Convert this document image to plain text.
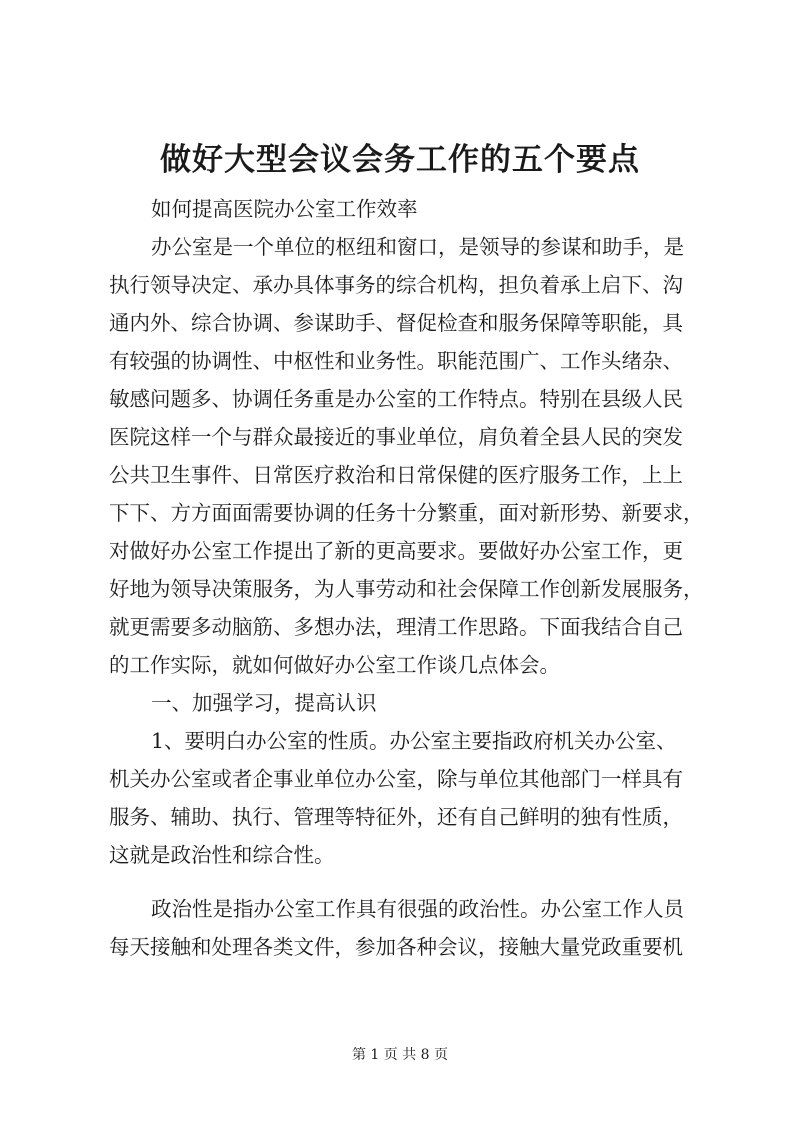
做好大型会议会务工作的五个要点
如何提高医院办公室工作效率
办公室是一个单位的枢纽和窗口，是领导的参谋和助手，是
执行领导决定、承办具体事务的综合机构，担负着承上启下、沟
通内外、综合协调、参谋助手、督促检查和服务保障等职能，具
有较强的协调性、中枢性和业务性。职能范围广、工作头绪杂、
敏感问题多、协调任务重是办公室的工作特点。特别在县级人民
医院这样一个与群众最接近的事业单位，肩负着全县人民的突发
公共卫生事件、日常医疗救治和日常保健的医疗服务工作，上上
下下、方方面面需要协调的任务十分繁重，面对新形势、新要求，
对做好办公室工作提出了新的更高要求。要做好办公室工作，更
好地为领导决策服务，为人事劳动和社会保障工作创新发展服务，
就更需要多动脑筋、多想办法，理清工作思路。下面我结合自己
的工作实际，就如何做好办公室工作谈几点体会。
一、加强学习，提高认识
1、要明白办公室的性质。办公室主要指政府机关办公室、
机关办公室或者企事业单位办公室，除与单位其他部门一样具有
服务、辅助、执行、管理等特征外，还有自己鲜明的独有性质，
这就是政治性和综合性。
政治性是指办公室工作具有很强的政治性。办公室工作人员
每天接触和处理各类文件，参加各种会议，接触大量党政重要机
第 1 页 共 8 页
